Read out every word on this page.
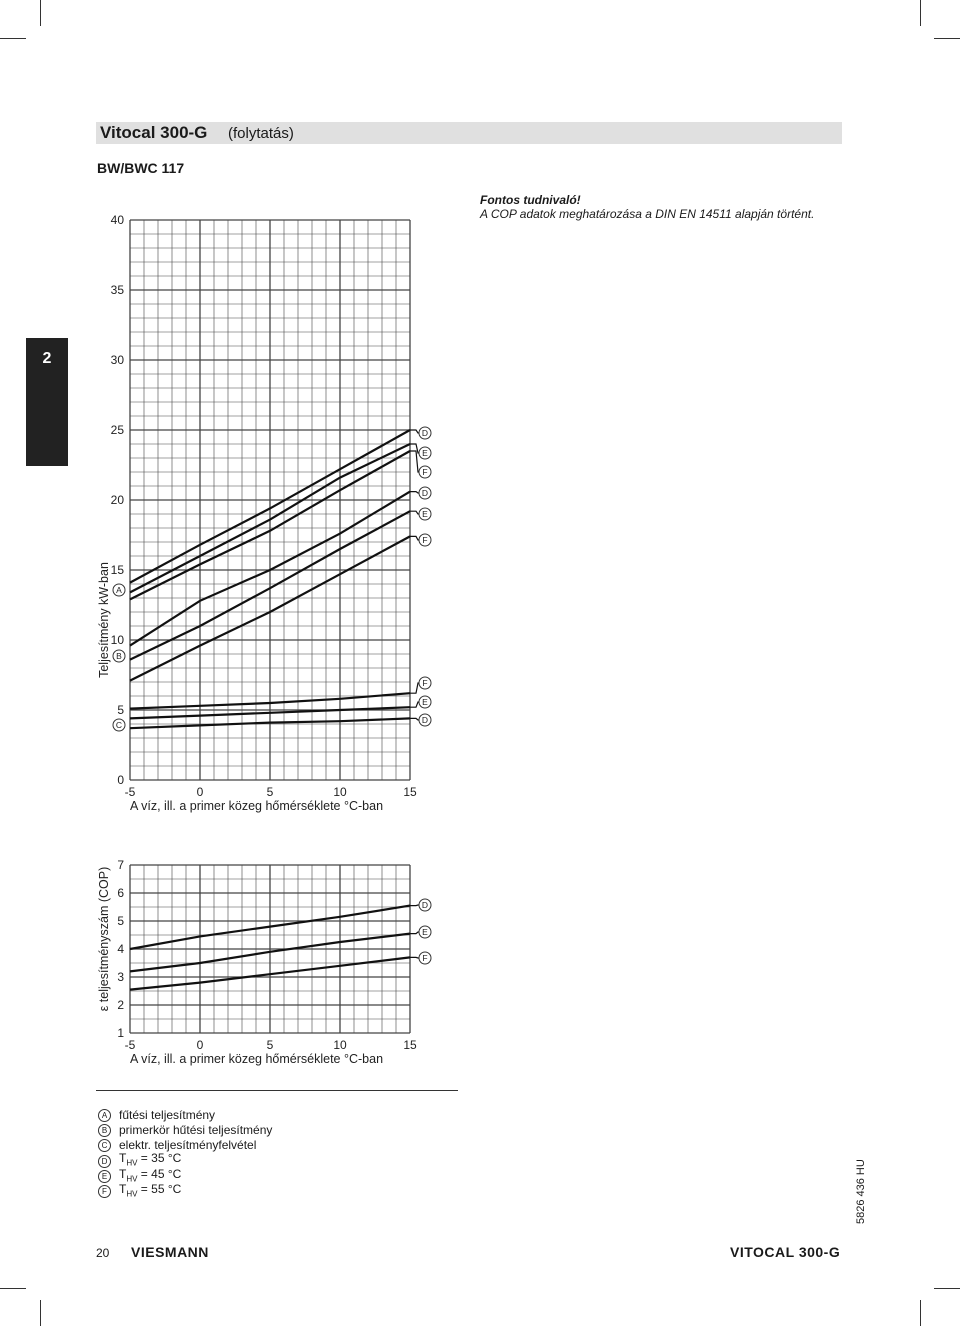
Vitocal 300-G (folytatás)
BW/BWC 117
Fontos tudnivaló!
A COP adatok meghatározása a DIN EN 14511 alapján történt.
2
0
5
10
15
20
25
30
35
40
-5	0	5	10	15
A víz, ill. a primer közeg hőmérséklete °C-ban
Teljesítmény kW-ban
D
E
F
D
E
F
F
E
D
A
B
C
1
2
3
4
5
6
7
-5	0	5	10	15
A víz, ill. a primer közeg hőmérséklete °C-ban
ε teljesítményszám (COP)	D
E
F
A fűtési teljesítmény
B primerkör hűtési teljesítmény
C elektr. teljesítményfelvétel
D $T_{HV} = 35$ °C
E $T_{HV} = 45$ °C
F	$T_{HV} = 55$ °C	5826 436 HU
20 VIESMANN	VITOCAL 300-G
